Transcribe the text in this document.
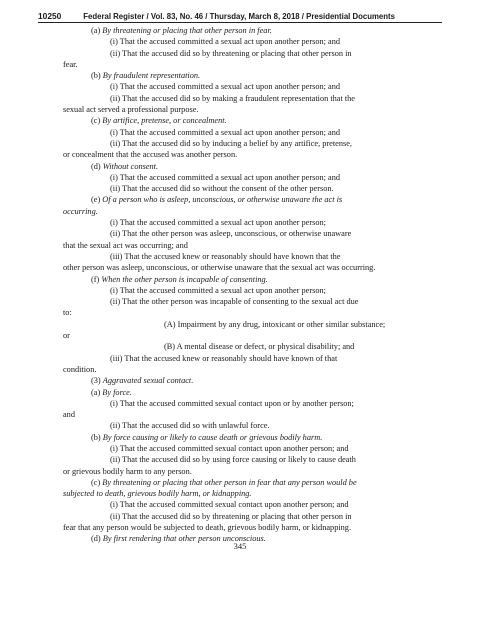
10250	Federal Register / Vol. 83, No. 46 / Thursday, March 8, 2018 / Presidential Documents

(a) By threatening or placing that other person in fear.

(i) That the accused committed a sexual act upon another person; and

(ii) That the accused did so by threatening or placing that other person in

fear.

(b) By fraudulent representation.

(i) That the accused committed a sexual act upon another person; and

(ii) That the accused did so by making a fraudulent representation that the

sexual act served a professional purpose.

(c) By artifice, pretense, or concealment.

(i) That the accused committed a sexual act upon another person; and

(ii) That the accused did so by inducing a belief by any artifice, pretense,

or concealment that the accused was another person.

(d) Without consent.

(i) That the accused committed a sexual act upon another person; and

(ii) That the accused did so without the consent of the other person.

(e) Of a person who is asleep, unconscious, or otherwise unaware the act is

occurring.

(i) That the accused committed a sexual act upon another person;

(ii) That the other person was asleep, unconscious, or otherwise unaware

that the sexual act was occurring; and

(iii) That the accused knew or reasonably should have known that the

other person was asleep, unconscious, or otherwise unaware that the sexual act was occurring.

(f) When the other person is incapable of consenting.

(i) That the accused committed a sexual act upon another person;

(ii) That the other person was incapable of consenting to the sexual act due

to:

(A) Impairment by any drug, intoxicant or other similar substance;

or

(B) A mental disease or defect, or physical disability; and

(iii) That the accused knew or reasonably should have known of that

condition.

(3) Aggravated sexual contact.

(a) By force.

(i) That the accused committed sexual contact upon or by another person;

and

(ii) That the accused did so with unlawful force.

(b) By force causing or likely to cause death or grievous bodily harm.

(i) That the accused committed sexual contact upon another person; and

(ii) That the accused did so by using force causing or likely to cause death

or grievous bodily harm to any person.

(c) By threatening or placing that other person in fear that any person would be

subjected to death, grievous bodily harm, or kidnapping.

(i) That the accused committed sexual contact upon another person; and

(ii) That the accused did so by threatening or placing that other person in

fear that any person would be subjected to death, grievous bodily harm, or kidnapping.

(d) By first rendering that other person unconscious.

345
